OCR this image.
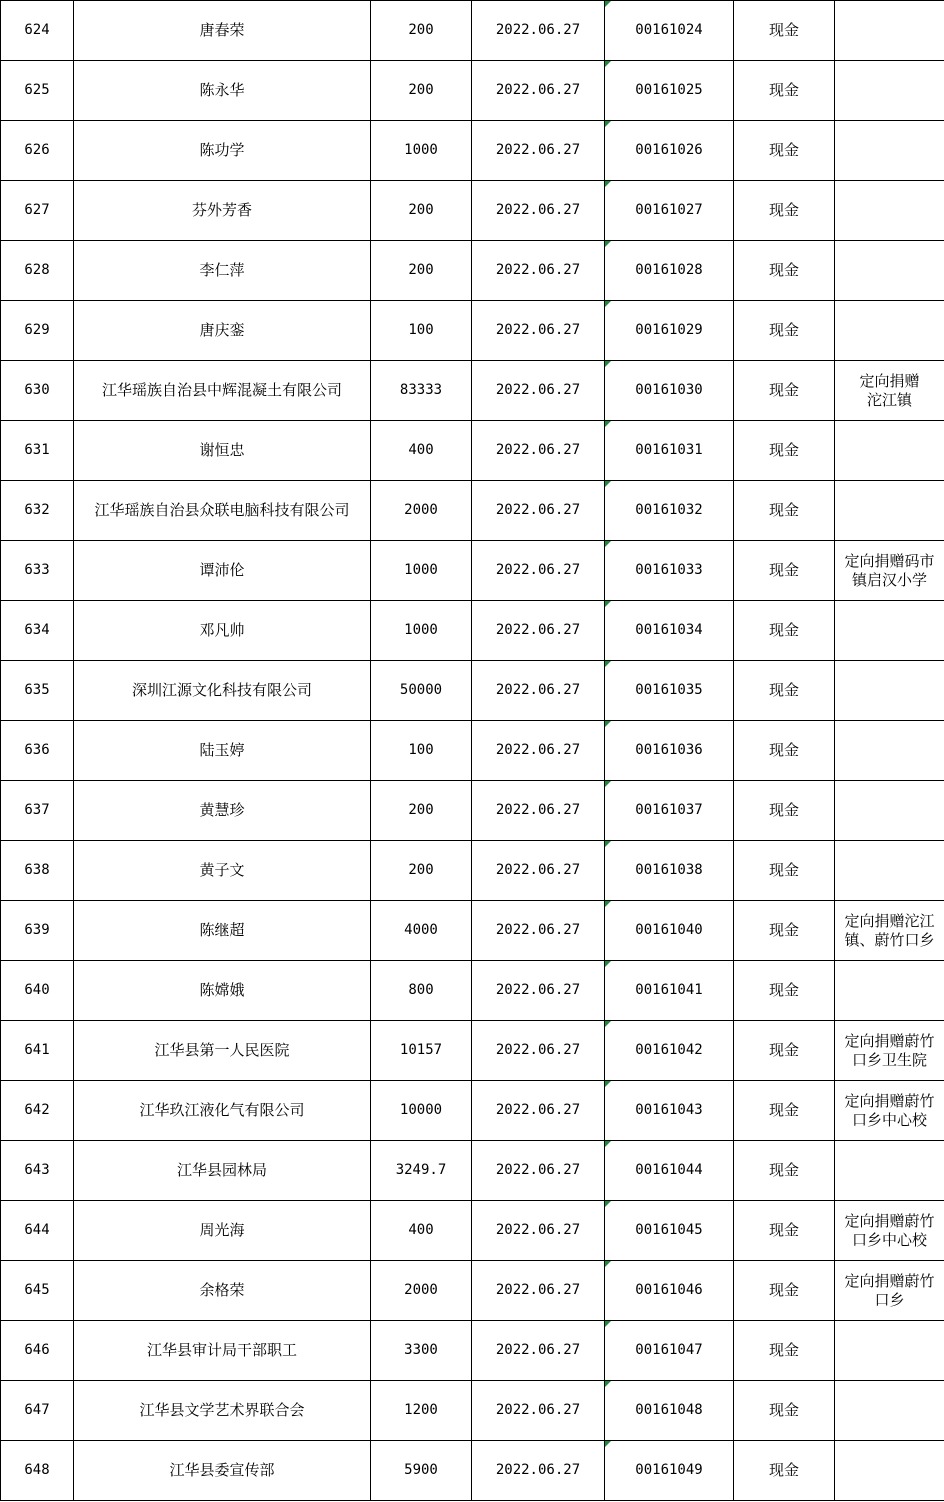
624	唐春荣	200	2022.06.27	00161024	现金	
625	陈永华	200	2022.06.27	00161025	现金	
626	陈功学	1000	2022.06.27	00161026	现金	
627	芬外芳香	200	2022.06.27	00161027	现金	
628	李仁萍	200	2022.06.27	00161028	现金	
629	唐庆銮	100	2022.06.27	00161029	现金	
630	江华瑶族自治县中辉混凝土有限公司	83333	2022.06.27	00161030	现金	定向捐赠
沱江镇
631	谢恒忠	400	2022.06.27	00161031	现金	
632	江华瑶族自治县众联电脑科技有限公司	2000	2022.06.27	00161032	现金	
633	谭沛伦	1000	2022.06.27	00161033	现金	定向捐赠码市
镇启汉小学
634	邓凡帅	1000	2022.06.27	00161034	现金	
635	深圳江源文化科技有限公司	50000	2022.06.27	00161035	现金	
636	陆玉婷	100	2022.06.27	00161036	现金	
637	黄慧珍	200	2022.06.27	00161037	现金	
638	黄子文	200	2022.06.27	00161038	现金	
639	陈继超	4000	2022.06.27	00161040	现金	定向捐赠沱江
镇、蔚竹口乡
640	陈嫦娥	800	2022.06.27	00161041	现金	
641	江华县第一人民医院	10157	2022.06.27	00161042	现金	定向捐赠蔚竹
口乡卫生院
642	江华玖江液化气有限公司	10000	2022.06.27	00161043	现金	定向捐赠蔚竹
口乡中心校
643	江华县园林局	3249.7	2022.06.27	00161044	现金	
644	周光海	400	2022.06.27	00161045	现金	定向捐赠蔚竹
口乡中心校
645	余格荣	2000	2022.06.27	00161046	现金	定向捐赠蔚竹
口乡
646	江华县审计局干部职工	3300	2022.06.27	00161047	现金	
647	江华县文学艺术界联合会	1200	2022.06.27	00161048	现金	
648	江华县委宣传部	5900	2022.06.27	00161049	现金	
